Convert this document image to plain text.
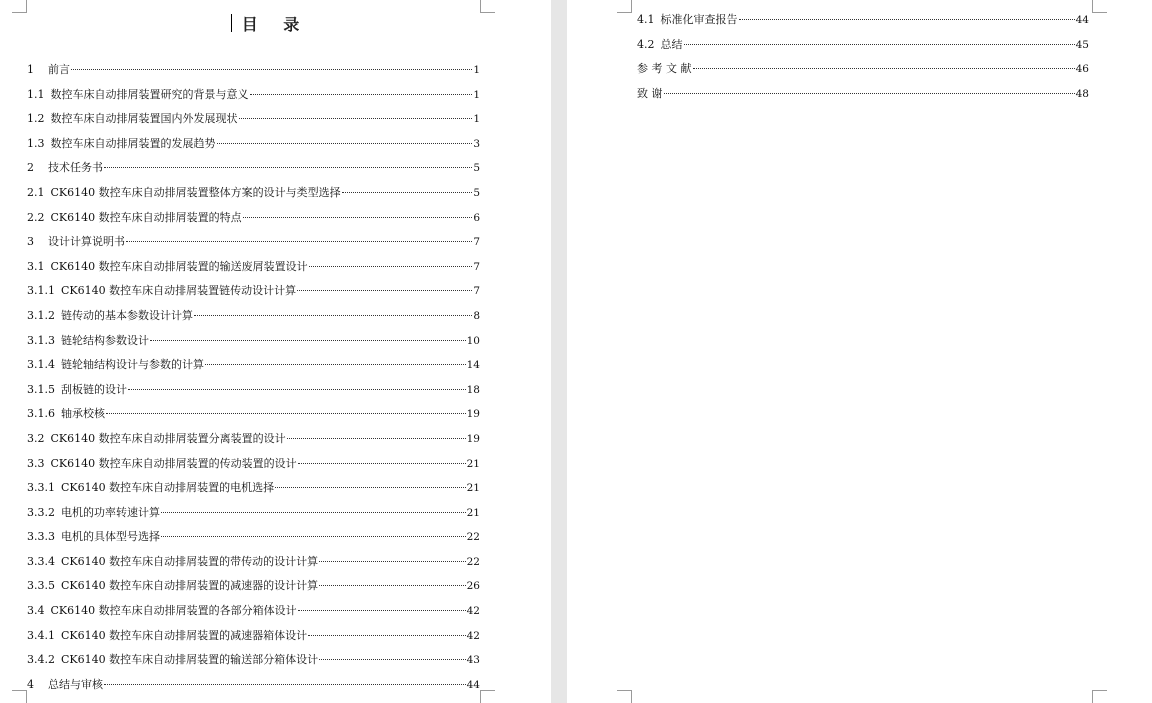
目 录
1	前言	1
1.1 数控车床自动排屑装置研究的背景与意义	1
1.2 数控车床自动排屑装置国内外发展现状	1
1.3 数控车床自动排屑装置的发展趋势	3
2	技术任务书	5
2.1 CK6140 数控车床自动排屑装置整体方案的设计与类型选择	5
2.2 CK6140 数控车床自动排屑装置的特点	6
3	设计计算说明书	7
3.1 CK6140 数控车床自动排屑装置的输送废屑装置设计	7
3.1.1 CK6140 数控车床自动排屑装置链传动设计计算	7
3.1.2 链传动的基本参数设计计算	8
3.1.3 链轮结构参数设计	10
3.1.4 链轮轴结构设计与参数的计算	14
3.1.5 刮板链的设计	18
3.1.6 轴承校核	19
3.2 CK6140 数控车床自动排屑装置分离装置的设计	19
3.3 CK6140 数控车床自动排屑装置的传动装置的设计	21
3.3.1 CK6140 数控车床自动排屑装置的电机选择	21
3.3.2 电机的功率转速计算	21
3.3.3 电机的具体型号选择	22
3.3.4 CK6140 数控车床自动排屑装置的带传动的设计计算	22
3.3.5 CK6140 数控车床自动排屑装置的减速器的设计计算	26
3.4 CK6140 数控车床自动排屑装置的各部分箱体设计	42
3.4.1 CK6140 数控车床自动排屑装置的减速器箱体设计	42
3.4.2 CK6140 数控车床自动排屑装置的输送部分箱体设计	43
4	总结与审核	44
4.1 标准化审查报告	44
4.2 总结	45
参 考 文 献	46
致 谢	48
